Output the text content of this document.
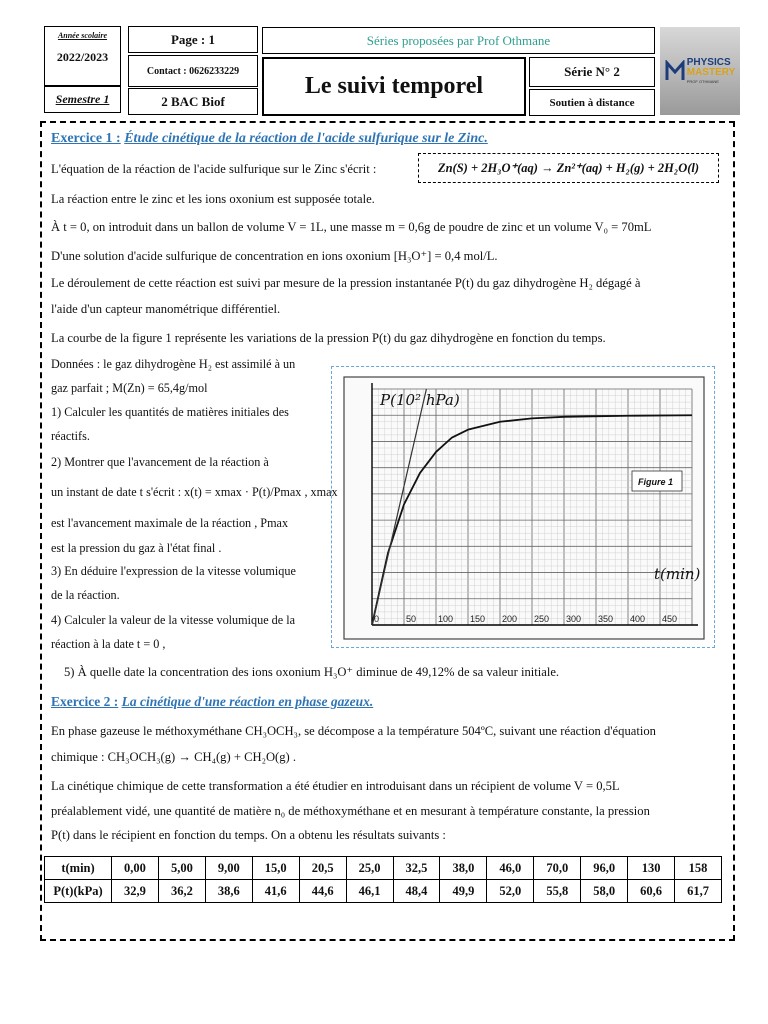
Année scolaire
2022/2023
Semestre 1
Page : 1
Contact : 0626233229
2 BAC Biof
Séries proposées par Prof Othmane
Le suivi temporel
Série N° 2
Soutien à distance
PHYSICS
MASTERY
PROF OTHMANE
Exercice 1 : Étude cinétique de la réaction de l'acide sulfurique sur le Zinc.
L'équation de la réaction de l'acide sulfurique sur le Zinc s'écrit :	Zn(S) + 2H₃O⁺(aq) → Zn²⁺(aq) + H₂(g) + 2H₂O(l)
La réaction entre le zinc et les ions oxonium est supposée totale.
À t = 0, on introduit dans un ballon de volume V = 1L, une masse m = 0,6g de poudre de zinc et un volume V₀ = 70mL
D'une solution d'acide sulfurique de concentration en ions oxonium [H₃O⁺] = 0,4 mol/L.
Le déroulement de cette réaction est suivi par mesure de la pression instantanée P(t) du gaz dihydrogène H₂ dégagé à
l'aide d'un capteur manométrique différentiel.
La courbe de la figure 1 représente les variations de la pression P(t) du gaz dihydrogène en fonction du temps.
Données : le gaz dihydrogène H₂ est assimilé à un
gaz parfait ; M(Zn) = 65,4g/mol
1) Calculer les quantités de matières initiales des
réactifs.
2) Montrer que l'avancement de la réaction à
un instant de date t s'écrit : x(t) = xmax · P(t)/Pmax , xmax
est l'avancement maximale de la réaction , Pmax
est la pression du gaz à l'état final .
3) En déduire l'expression de la vitesse volumique
de la réaction.
4) Calculer la valeur de la vitesse volumique de la
réaction à la date t = 0 ,
5) À quelle date la concentration des ions oxonium H₃O⁺ diminue de 49,12% de sa valeur initiale.
0	50 100 150 200 250 300 350 400 450
P(10² hPa)
t(min)
Figure 1
Exercice 2 : La cinétique d'une réaction en phase gazeux.
En phase gazeuse le méthoxyméthane CH₃OCH₃, se décompose a la température 504ºC, suivant une réaction d'équation
chimique : CH₃OCH₃(g) → CH₄(g) + CH₂O(g) .
La cinétique chimique de cette transformation a été étudier en introduisant dans un récipient de volume V = 0,5L
préalablement vidé, une quantité de matière n₀ de méthoxyméthane et en mesurant à température constante, la pression
P(t) dans le récipient en fonction du temps. On a obtenu les résultats suivants :
t(min)	0,00	5,00	9,00	15,0	20,5	25,0	32,5	38,0	46,0	70,0	96,0	130	158
P(t)(kPa)	32,9	36,2	38,6	41,6	44,6	46,1	48,4	49,9	52,0	55,8	58,0	60,6	61,7
